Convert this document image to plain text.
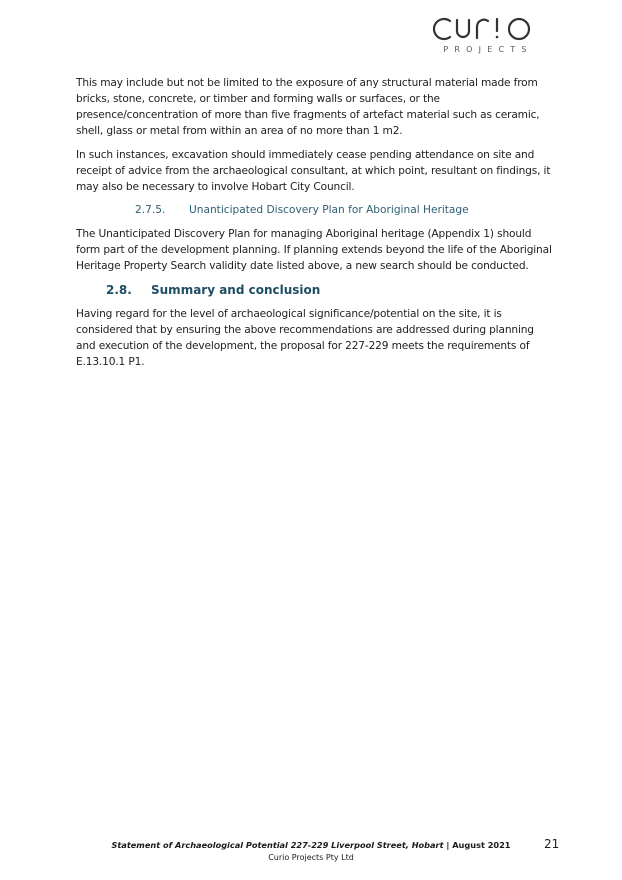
PROJECTS

This may include but not be limited to the exposure of any structural material made from bricks, stone, concrete, or timber and forming walls or surfaces, or the presence/concentration of more than five fragments of artefact material such as ceramic, shell, glass or metal from within an area of no more than 1 m2.

In such instances, excavation should immediately cease pending attendance on site and receipt of advice from the archaeological consultant, at which point, resultant on findings, it may also be necessary to involve Hobart City Council.

2.7.5.	Unanticipated Discovery Plan for Aboriginal Heritage

The Unanticipated Discovery Plan for managing Aboriginal heritage (Appendix 1) should form part of the development planning. If planning extends beyond the life of the Aboriginal Heritage Property Search validity date listed above, a new search should be conducted.

2.8.	Summary and conclusion

Having regard for the level of archaeological significance/potential on the site, it is considered that by ensuring the above recommendations are addressed during planning and execution of the development, the proposal for 227-229 meets the requirements of E.13.10.1 P1.

Statement of Archaeological Potential 227-229 Liverpool Street, Hobart | August 2021
Curio Projects Pty Ltd
21
